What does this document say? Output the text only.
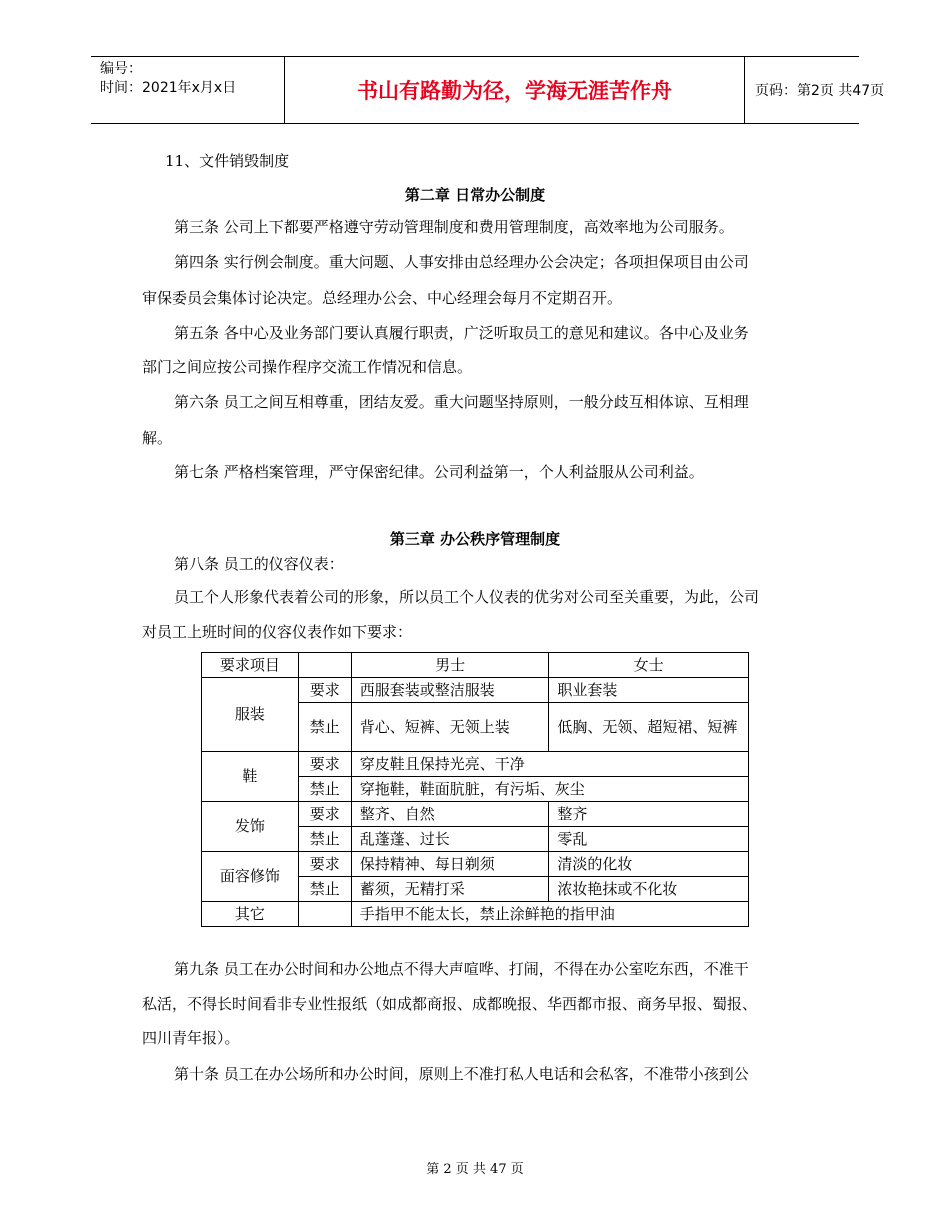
编号：
时间：2021年x月x日	书山有路勤为径，学海无涯苦作舟	页码：第2页 共47页
11、文件销毁制度
第二章 日常办公制度
第三条 公司上下都要严格遵守劳动管理制度和费用管理制度，高效率地为公司服务。
第四条 实行例会制度。重大问题、人事安排由总经理办公会决定；各项担保项目由公司
审保委员会集体讨论决定。总经理办公会、中心经理会每月不定期召开。
第五条 各中心及业务部门要认真履行职责，广泛听取员工的意见和建议。各中心及业务
部门之间应按公司操作程序交流工作情况和信息。
第六条 员工之间互相尊重，团结友爱。重大问题坚持原则，一般分歧互相体谅、互相理
解。
第七条 严格档案管理，严守保密纪律。公司利益第一，个人利益服从公司利益。
第三章 办公秩序管理制度
第八条 员工的仪容仪表：
员工个人形象代表着公司的形象，所以员工个人仪表的优劣对公司至关重要，为此，公司
对员工上班时间的仪容仪表作如下要求：
要求项目		男士	女士
服装	要求	西服套装或整洁服装	职业套装
	禁止	背心、短裤、无领上装	低胸、无领、超短裙、短裤
鞋	要求	穿皮鞋且保持光亮、干净	
	禁止	穿拖鞋，鞋面肮脏，有污垢、灰尘	
发饰	要求	整齐、自然	整齐
	禁止	乱蓬蓬、过长	零乱
面容修饰	要求	保持精神、每日剃须	清淡的化妆
	禁止	蓄须，无精打采	浓妆艳抹或不化妆
其它		手指甲不能太长，禁止涂鲜艳的指甲油	
第九条 员工在办公时间和办公地点不得大声喧哗、打闹，不得在办公室吃东西，不准干
私活，不得长时间看非专业性报纸（如成都商报、成都晚报、华西都市报、商务早报、蜀报、
四川青年报）。
第十条 员工在办公场所和办公时间，原则上不准打私人电话和会私客，不准带小孩到公
第 2 页 共 47 页
